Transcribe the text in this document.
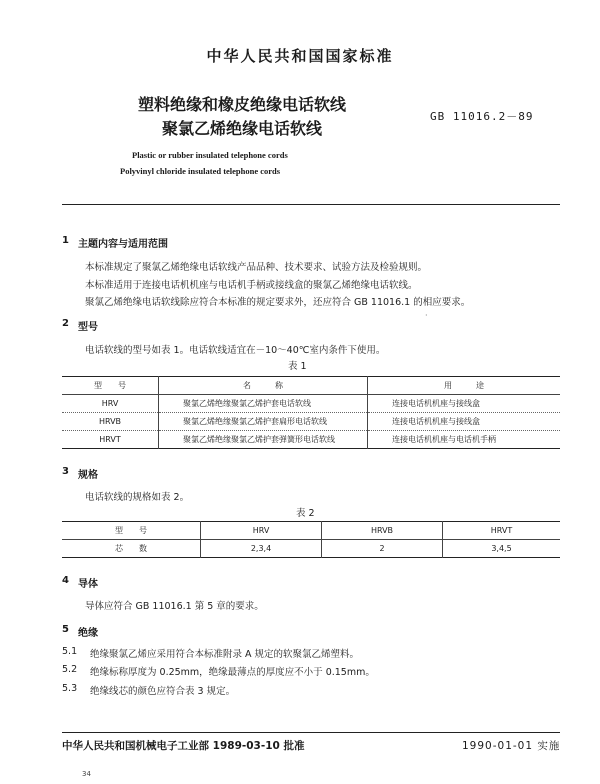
中华人民共和国国家标准
塑料绝缘和橡皮绝缘电话软线
聚氯乙烯绝缘电话软线
GB 11016.2－89
Plastic or rubber insulated telephone cords
Polyvinyl chloride insulated telephone cords
1 主题内容与适用范围
本标准规定了聚氯乙烯绝缘电话软线产品品种、技术要求、试验方法及检验规则。
本标准适用于连接电话机机座与电话机手柄或接线盒的聚氯乙烯绝缘电话软线。
聚氯乙烯绝缘电话软线除应符合本标准的规定要求外，还应符合 GB 11016.1 的相应要求。
·
2 型号
电话软线的型号如表 1。电话软线适宜在－10～40℃室内条件下使用。
表 1
型　　号	名　　　称	用　　　途
HRV	聚氯乙烯绝缘聚氯乙烯护套电话软线	连接电话机机座与接线盒
HRVB	聚氯乙烯绝缘聚氯乙烯护套扁形电话软线	连接电话机机座与接线盒
HRVT	聚氯乙烯绝缘聚氯乙烯护套弹簧形电话软线	连接电话机机座与电话机手柄
3 规格
电话软线的规格如表 2。
表 2
型　　号	HRV	HRVB	HRVT
芯　　数	2,3,4	2	3,4,5
4 导体
导体应符合 GB 11016.1 第 5 章的要求。
5 绝缘
5.1 绝缘聚氯乙烯应采用符合本标准附录 A 规定的软聚氯乙烯塑料。
5.2 绝缘标称厚度为 0.25mm，绝缘最薄点的厚度应不小于 0.15mm。
5.3 绝缘线芯的颜色应符合表 3 规定。
中华人民共和国机械电子工业部 1989-03-10 批准	1990-01-01 实施
34
